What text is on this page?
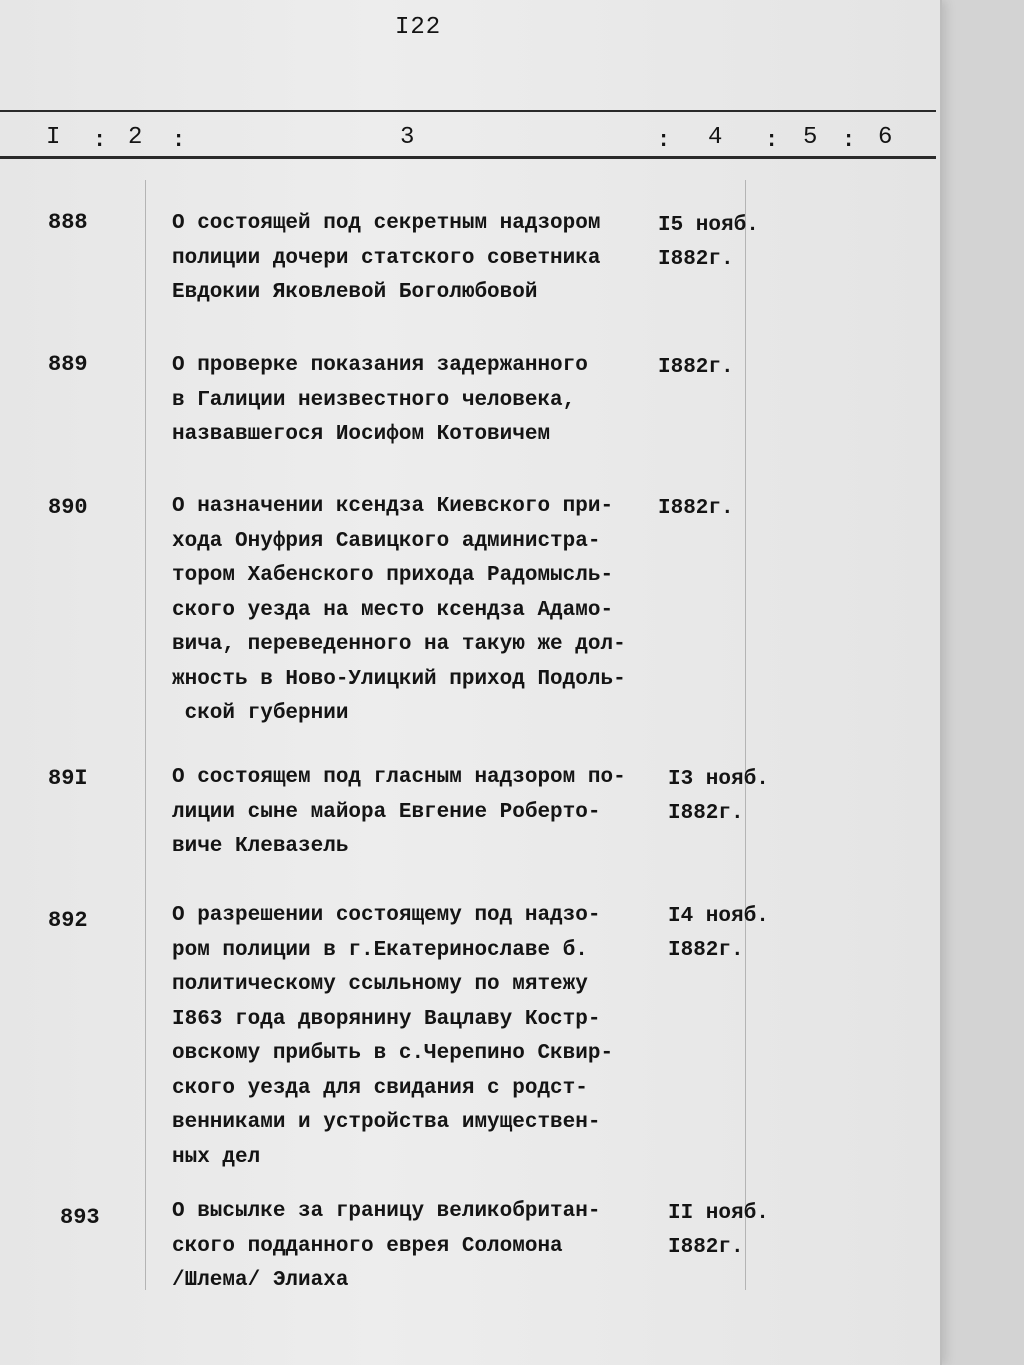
I22
I : 2 :	3	: 4 : 5 : 6
888	О состоящей под секретным надзором
полиции дочери статского советника
Евдокии Яковлевой Боголюбовой
I5 нояб.
I882г.
889	О проверке показания задержанного
в Галиции неизвестного человека,
назвавшегося Иосифом Котовичем
I882г.
890	О назначении ксендза Киевского при-
хода Онуфрия Савицкого администра-
тором Хабенского прихода Радомысль-
ского уезда на место ксендза Адамо-
вича, переведенного на такую же дол-
жность в Ново-Улицкий приход Подоль-
ской губернии
I882г.
89I	О состоящем под гласным надзором по-
лиции сыне майора Евгение Роберто-
виче Клевазель
I3 нояб.
I882г.
892	О разрешении состоящему под надзо-
ром полиции в г.Екатеринославе б.
политическому ссыльному по мятежу
I863 года дворянину Вацлаву Костр-
овскому прибыть в с.Черепино Сквир-
ского уезда для свидания с родст-
венниками и устройства имуществен-
ных дел
I4 нояб.
I882г.
893	О высылке за границу великобритан-
ского подданного еврея Соломона
/Шлема/ Элиаха
II нояб.
I882г.
